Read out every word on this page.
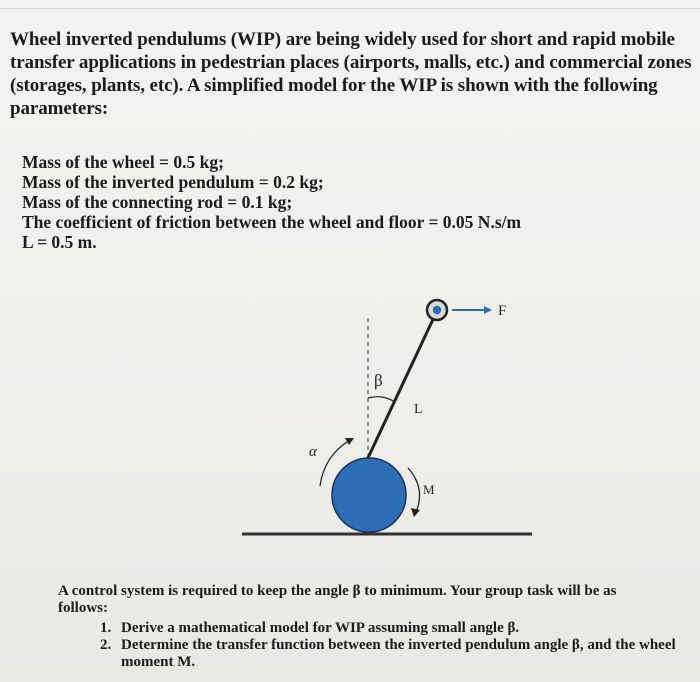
Wheel inverted pendulums (WIP) are being widely used for short and rapid mobile
transfer applications in pedestrian places (airports, malls, etc.) and commercial zones
(storages, plants, etc). A simplified model for the WIP is shown with the following
parameters:
Mass of the wheel = 0.5 kg;
Mass of the inverted pendulum = 0.2 kg;
Mass of the connecting rod = 0.1 kg;
The coefficient of friction between the wheel and floor = 0.05 N.s/m
L = 0.5 m.
F
β
L
α
M
A control system is required to keep the angle β to minimum. Your group task will be as
follows:
1. Derive a mathematical model for WIP assuming small angle β.
2. Determine the transfer function between the inverted pendulum angle β, and the wheel moment M.
